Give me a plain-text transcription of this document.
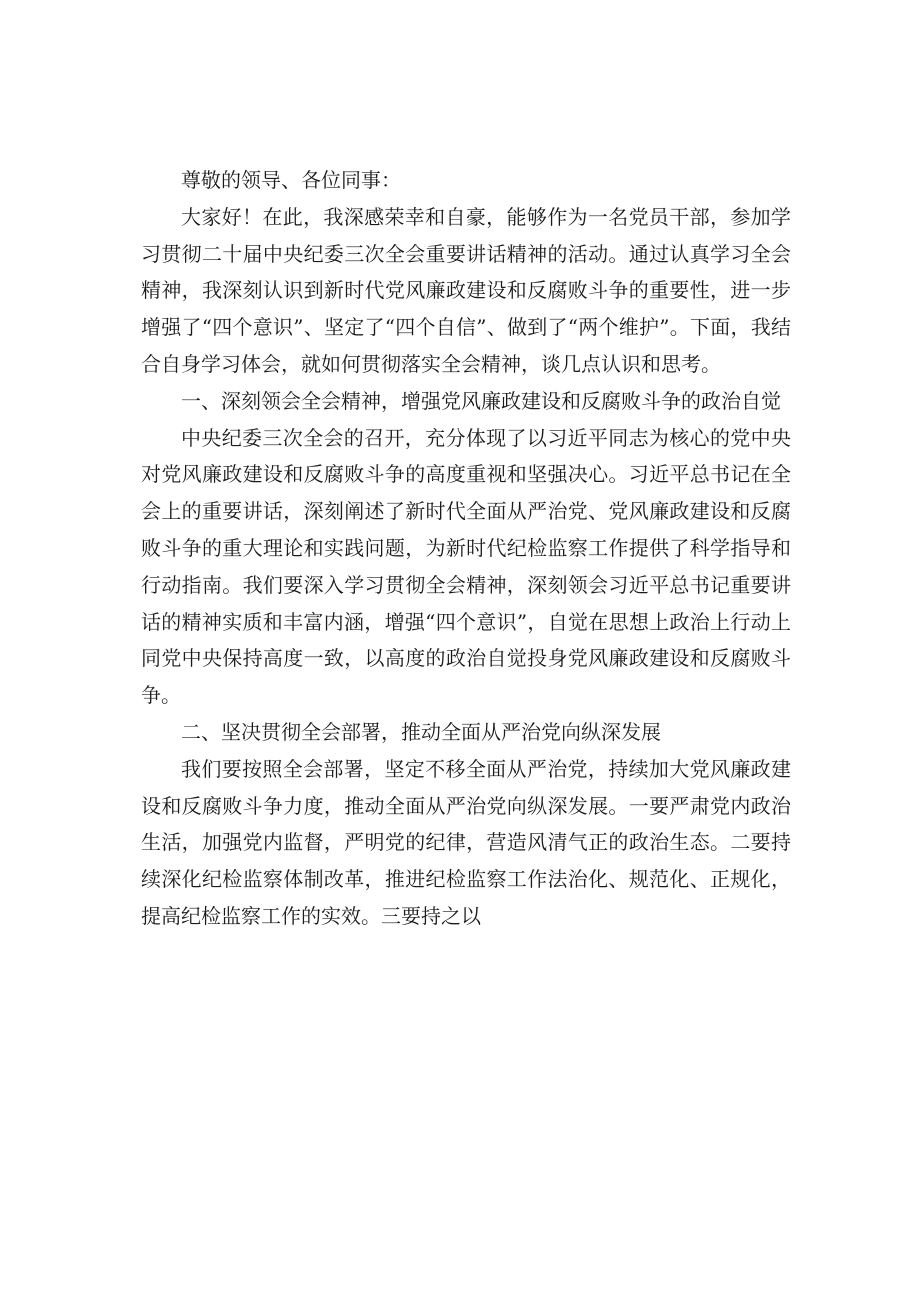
尊敬的领导、各位同事：

大家好！在此，我深感荣幸和自豪，能够作为一名党员干部，参加学习贯彻二十届中央纪委三次全会重要讲话精神的活动。通过认真学习全会精神，我深刻认识到新时代党风廉政建设和反腐败斗争的重要性，进一步增强了“四个意识”、坚定了“四个自信”、做到了“两个维护”。下面，我结合自身学习体会，就如何贯彻落实全会精神，谈几点认识和思考。

一、深刻领会全会精神，增强党风廉政建设和反腐败斗争的政治自觉

中央纪委三次全会的召开，充分体现了以习近平同志为核心的党中央对党风廉政建设和反腐败斗争的高度重视和坚强决心。习近平总书记在全会上的重要讲话，深刻阐述了新时代全面从严治党、党风廉政建设和反腐败斗争的重大理论和实践问题，为新时代纪检监察工作提供了科学指导和行动指南。我们要深入学习贯彻全会精神，深刻领会习近平总书记重要讲话的精神实质和丰富内涵，增强“四个意识”，自觉在思想上政治上行动上同党中央保持高度一致，以高度的政治自觉投身党风廉政建设和反腐败斗争。

二、坚决贯彻全会部署，推动全面从严治党向纵深发展

我们要按照全会部署，坚定不移全面从严治党，持续加大党风廉政建设和反腐败斗争力度，推动全面从严治党向纵深发展。一要严肃党内政治生活，加强党内监督，严明党的纪律，营造风清气正的政治生态。二要持续深化纪检监察体制改革，推进纪检监察工作法治化、规范化、正规化，提高纪检监察工作的实效。三要持之以
